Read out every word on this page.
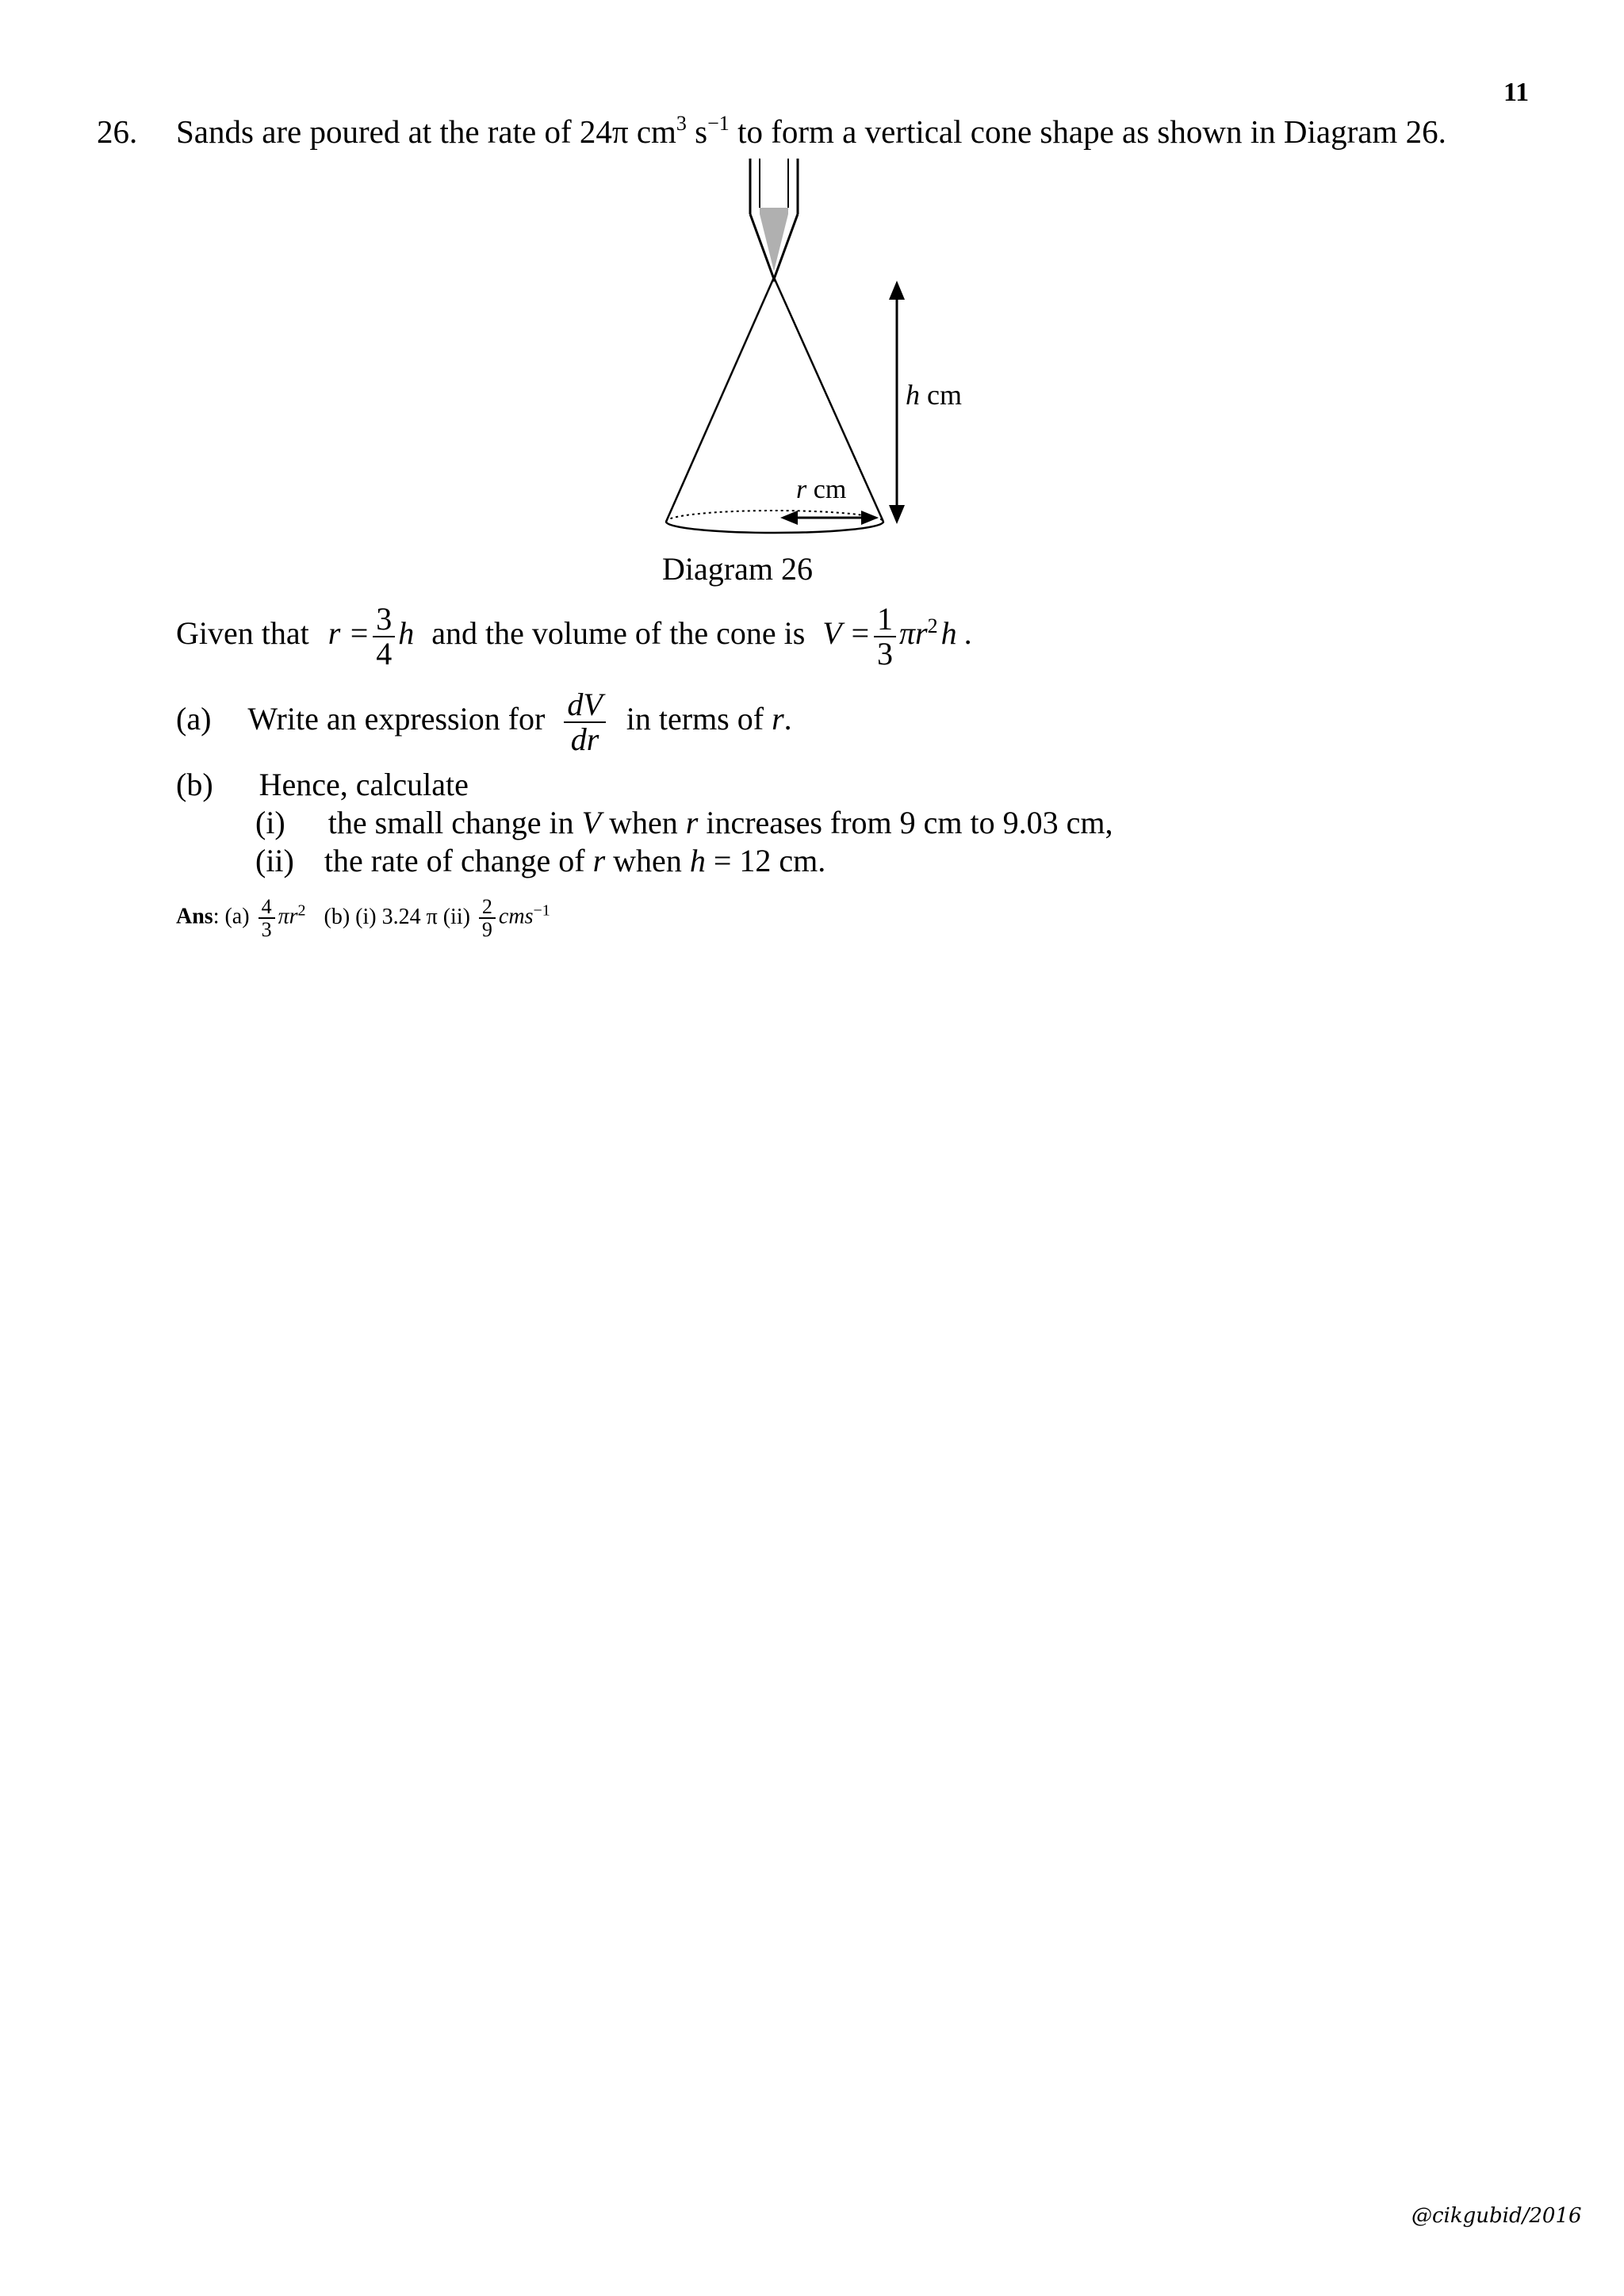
11
26. Sands are poured at the rate of 24π $cm^3$ $s^{-1}$ to form a vertical cone shape as shown in Diagram 26.
h cm
r cm
Diagram 26
Given that $r = \frac{3}{4}$ h and the volume of the cone is $V = \frac{1}{3} \pi r^2$ h .
(a) Write an expression for $\frac{dV}{dr}$ in terms of r.
(b) Hence, calculate
(i) the small change in V when r increases from 9 cm to 9.03 cm,
(ii) the rate of change of r when h = 12 cm.
Ans: $(a) \frac{4}{3} \pi r^2$ (b) (i) 3.24 π $(ii) \frac{2}{9} cms^{-1}$
@cikgubid/2016
